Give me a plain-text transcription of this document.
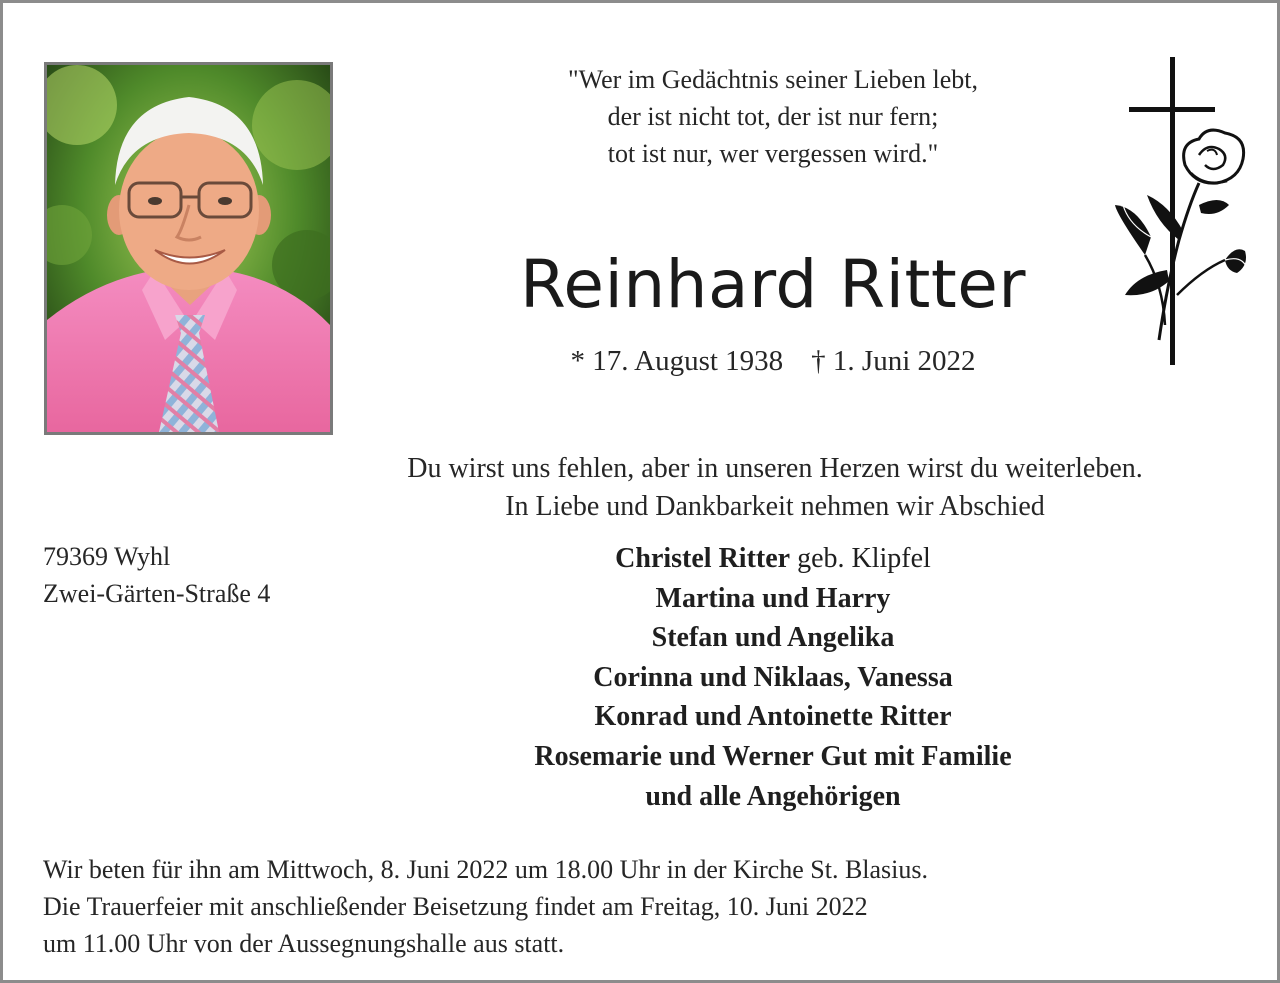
"Wer im Gedächtnis seiner Lieben lebt,
der ist nicht tot, der ist nur fern;
tot ist nur, wer vergessen wird."
Reinhard Ritter
* 17. August 1938 † 1. Juni 2022
Du wirst uns fehlen, aber in unseren Herzen wirst du weiterleben.
In Liebe und Dankbarkeit nehmen wir Abschied
79369 Wyhl
Zwei-Gärten-Straße 4
Christel Ritter geb. Klipfel
Martina und Harry
Stefan und Angelika
Corinna und Niklaas, Vanessa
Konrad und Antoinette Ritter
Rosemarie und Werner Gut mit Familie
und alle Angehörigen
Wir beten für ihn am Mittwoch, 8. Juni 2022 um 18.00 Uhr in der Kirche St. Blasius.
Die Trauerfeier mit anschließender Beisetzung findet am Freitag, 10. Juni 2022
um 11.00 Uhr von der Aussegnungshalle aus statt.
